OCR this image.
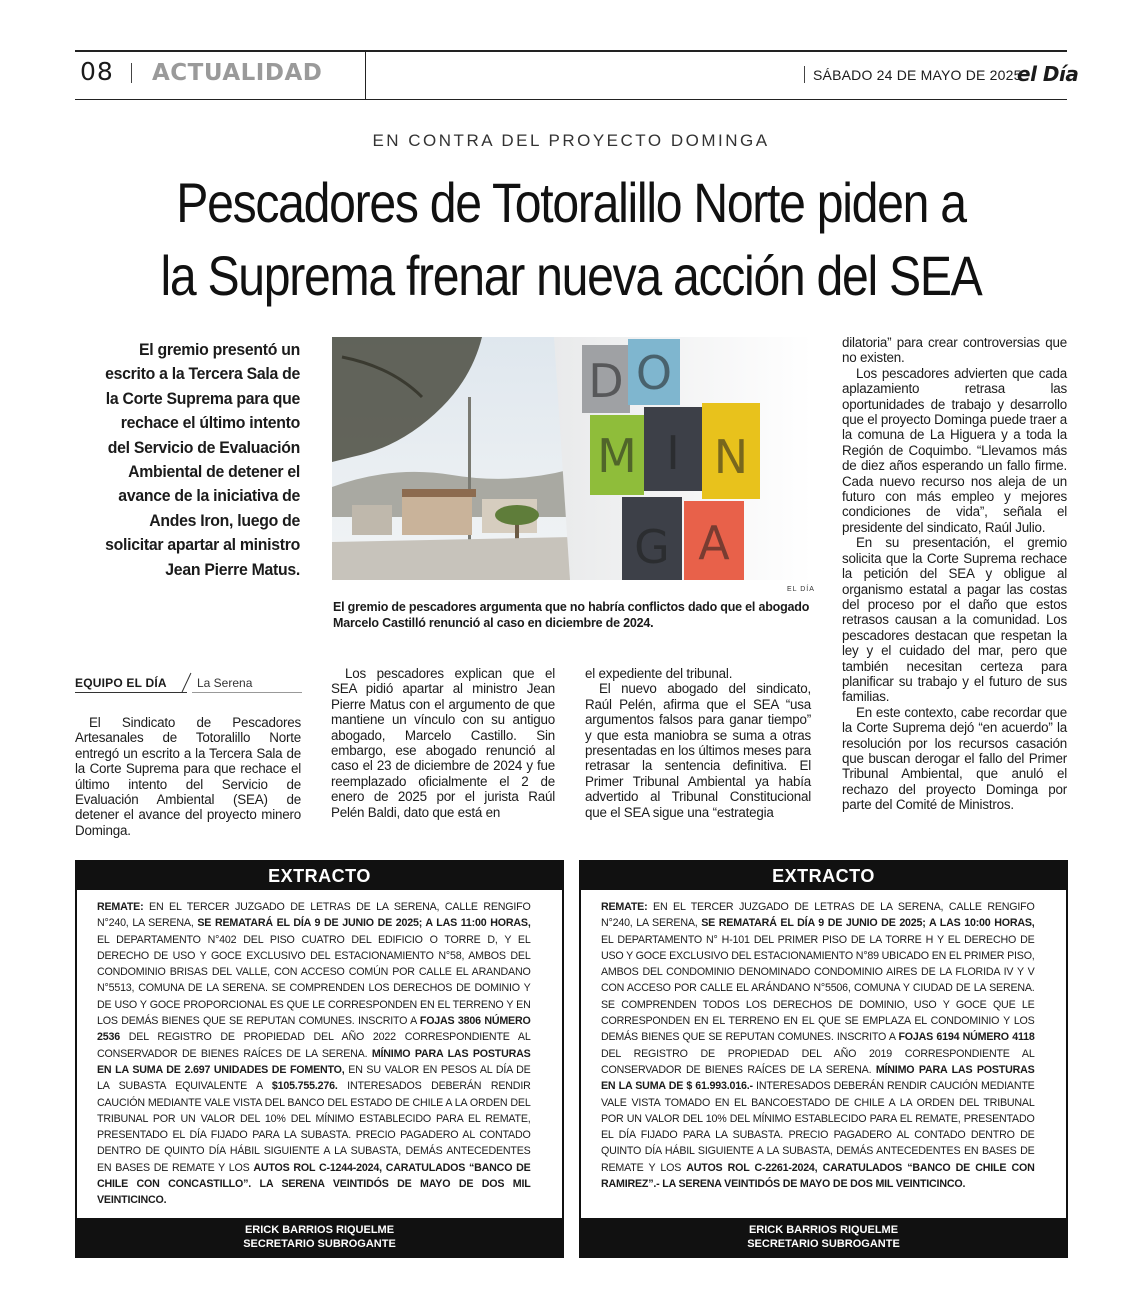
08 ACTUALIDAD	SÁBADO 24 DE MAYO DE 2025
el Día
EN CONTRA DEL PROYECTO DOMINGA
Pescadores de Totoralillo Norte piden a
la Suprema frenar nueva acción del SEA
El gremio presentó un escrito a la Tercera Sala de la Corte Suprema para que rechace el último intento del Servicio de Evaluación Ambiental de detener el avance de la iniciativa de Andes Iron, luego de solicitar apartar al ministro Jean Pierre Matus.
D O
M I N
G A
EL DÍA
El gremio de pescadores argumenta que no habría conflictos dado que el abogado Marcelo Castilló renunció al caso en diciembre de 2024.
EQUIPO EL DÍA	La Serena

El Sindicato de Pescadores Artesanales de Totoralillo Norte entregó un escrito a la Tercera Sala de la Corte Suprema para que rechace el último intento del Servicio de Evaluación Ambiental (SEA) de detener el avance del proyecto minero Dominga.

Los pescadores explican que el SEA pidió apartar al ministro Jean Pierre Matus con el argumento de que mantiene un vínculo con su antiguo abogado, Marcelo Castillo. Sin embargo, ese abogado renunció al caso el 23 de diciembre de 2024 y fue reemplazado oficialmente el 2 de enero de 2025 por el jurista Raúl Pelén Baldi, dato que está en

el expediente del tribunal.

El nuevo abogado del sindicato, Raúl Pelén, afirma que el SEA “usa argumentos falsos para ganar tiempo” y que esta maniobra se suma a otras presentadas en los últimos meses para retrasar la sentencia definitiva. El Primer Tribunal Ambiental ya había advertido al Tribunal Constitucional que el SEA sigue una “estrategia

dilatoria” para crear controversias que no existen.

Los pescadores advierten que cada aplazamiento retrasa las oportunidades de trabajo y desarrollo que el proyecto Dominga puede traer a la comuna de La Higuera y a toda la Región de Coquimbo. “Llevamos más de diez años esperando un fallo firme. Cada nuevo recurso nos aleja de un futuro con más empleo y mejores condiciones de vida”, señala el presidente del sindicato, Raúl Julio.

En su presentación, el gremio solicita que la Corte Suprema rechace la petición del SEA y obligue al organismo estatal a pagar las costas del proceso por el daño que estos retrasos causan a la comunidad. Los pescadores destacan que respetan la ley y el cuidado del mar, pero que también necesitan certeza para planificar su trabajo y el futuro de sus familias.

En este contexto, cabe recordar que la Corte Suprema dejó “en acuerdo” la resolución por los recursos casación que buscan derogar el fallo del Primer Tribunal Ambiental, que anuló el rechazo del proyecto Dominga por parte del Comité de Ministros.

EXTRACTO
REMATE: EN EL TERCER JUZGADO DE LETRAS DE LA SERENA, CALLE RENGIFO N°240, LA SERENA, SE REMATARÁ EL DÍA 9 DE JUNIO DE 2025; A LAS 11:00 HORAS, EL DEPARTAMENTO N°402 DEL PISO CUATRO DEL EDIFICIO O TORRE D, Y EL DERECHO DE USO Y GOCE EXCLUSIVO DEL ESTACIONAMIENTO N°58, AMBOS DEL CONDOMINIO BRISAS DEL VALLE, CON ACCESO COMÚN POR CALLE EL ARANDANO N°5513, COMUNA DE LA SERENA. SE COMPRENDEN LOS DERECHOS DE DOMINIO Y DE USO Y GOCE PROPORCIONAL ES QUE LE CORRESPONDEN EN EL TERRENO Y EN LOS DEMÁS BIENES QUE SE REPUTAN COMUNES. INSCRITO A FOJAS 3806 NÚMERO 2536 DEL REGISTRO DE PROPIEDAD DEL AÑO 2022 CORRESPONDIENTE AL CONSERVADOR DE BIENES RAÍCES DE LA SERENA. MÍNIMO PARA LAS POSTURAS EN LA SUMA DE 2.697 UNIDADES DE FOMENTO, EN SU VALOR EN PESOS AL DÍA DE LA SUBASTA EQUIVALENTE A $105.755.276. INTERESADOS DEBERÁN RENDIR CAUCIÓN MEDIANTE VALE VISTA DEL BANCO DEL ESTADO DE CHILE A LA ORDEN DEL TRIBUNAL POR UN VALOR DEL 10% DEL MÍNIMO ESTABLECIDO PARA EL REMATE, PRESENTADO EL DÍA FIJADO PARA LA SUBASTA. PRECIO PAGADERO AL CONTADO DENTRO DE QUINTO DÍA HÁBIL SIGUIENTE A LA SUBASTA, DEMÁS ANTECEDENTES EN BASES DE REMATE Y LOS AUTOS ROL C-1244-2024, CARATULADOS “BANCO DE CHILE CON CONCASTILLO”. LA SERENA VEINTIDÓS DE MAYO DE DOS MIL VEINTICINCO.
ERICK BARRIOS RIQUELME
SECRETARIO SUBROGANTE
EXTRACTO
REMATE: EN EL TERCER JUZGADO DE LETRAS DE LA SERENA, CALLE RENGIFO N°240, LA SERENA, SE REMATARÁ EL DÍA 9 DE JUNIO DE 2025; A LAS 10:00 HORAS, EL DEPARTAMENTO N° H-101 DEL PRIMER PISO DE LA TORRE H Y EL DERECHO DE USO Y GOCE EXCLUSIVO DEL ESTACIONAMIENTO N°89 UBICADO EN EL PRIMER PISO, AMBOS DEL CONDOMINIO DENOMINADO CONDOMINIO AIRES DE LA FLORIDA IV Y V CON ACCESO POR CALLE EL ARÁNDANO N°5506, COMUNA Y CIUDAD DE LA SERENA. SE COMPRENDEN TODOS LOS DERECHOS DE DOMINIO, USO Y GOCE QUE LE CORRESPONDEN EN EL TERRENO EN EL QUE SE EMPLAZA EL CONDOMINIO Y LOS DEMÁS BIENES QUE SE REPUTAN COMUNES. INSCRITO A FOJAS 6194 NÚMERO 4118 DEL REGISTRO DE PROPIEDAD DEL AÑO 2019 CORRESPONDIENTE AL CONSERVADOR DE BIENES RAÍCES DE LA SERENA. MÍNIMO PARA LAS POSTURAS EN LA SUMA DE $ 61.993.016.- INTERESADOS DEBERÁN RENDIR CAUCIÓN MEDIANTE VALE VISTA TOMADO EN EL BANCOESTADO DE CHILE A LA ORDEN DEL TRIBUNAL POR UN VALOR DEL 10% DEL MÍNIMO ESTABLECIDO PARA EL REMATE, PRESENTADO EL DÍA FIJADO PARA LA SUBASTA. PRECIO PAGADERO AL CONTADO DENTRO DE QUINTO DÍA HÁBIL SIGUIENTE A LA SUBASTA, DEMÁS ANTECEDENTES EN BASES DE REMATE Y LOS AUTOS ROL C-2261-2024, CARATULADOS “BANCO DE CHILE CON RAMIREZ”.- LA SERENA VEINTIDÓS DE MAYO DE DOS MIL VEINTICINCO.
ERICK BARRIOS RIQUELME
SECRETARIO SUBROGANTE
